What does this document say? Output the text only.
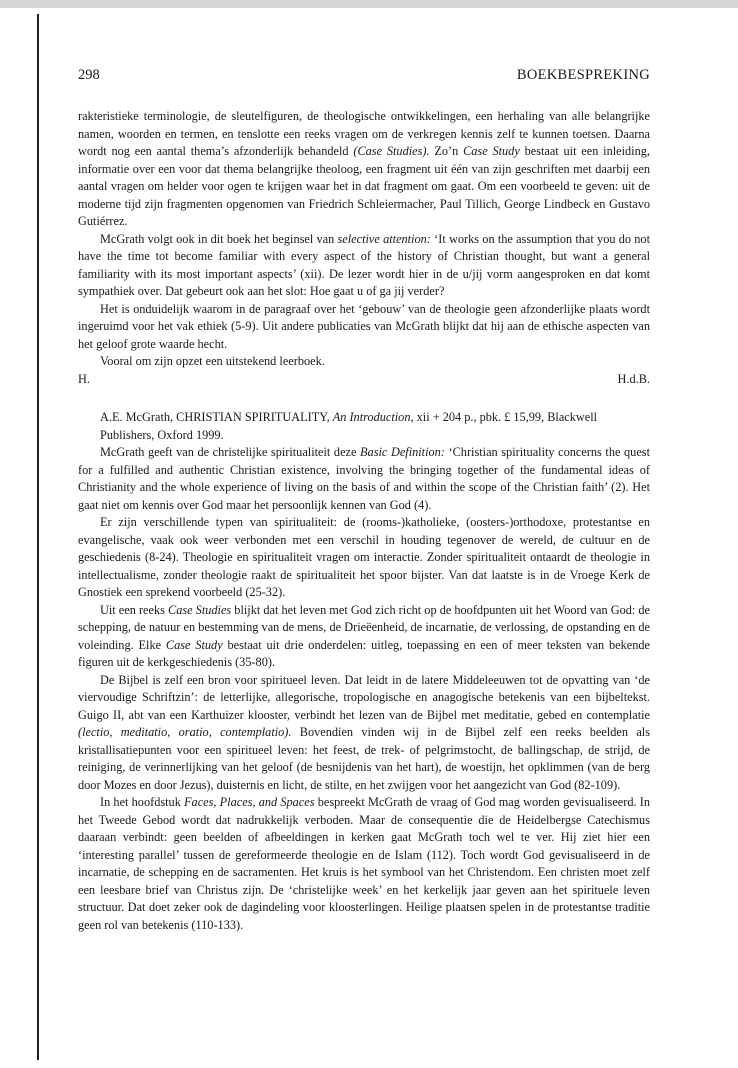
298	BOEKBESPREKING

rakteristieke terminologie, de sleutelfiguren, de theologische ontwikkelingen, een herhaling van alle belangrijke namen, woorden en termen, en tenslotte een reeks vragen om de verkregen kennis zelf te kunnen toetsen. Daarna wordt nog een aantal thema’s afzonderlijk behandeld (Case Studies). Zo’n Case Study bestaat uit een inleiding, informatie over een voor dat thema belangrijke theoloog, een fragment uit één van zijn geschriften met daarbij een aantal vragen om helder voor ogen te krijgen waar het in dat fragment om gaat. Om een voorbeeld te geven: uit de moderne tijd zijn fragmenten opgenomen van Friedrich Schleiermacher, Paul Tillich, George Lindbeck en Gustavo Gutiérrez.

McGrath volgt ook in dit boek het beginsel van selective attention: ‘It works on the assumption that you do not have the time tot become familiar with every aspect of the history of Christian thought, but want a general familiarity with its most important aspects’ (xii). De lezer wordt hier in de u/jij vorm aangesproken en dat komt sympathiek over. Dat gebeurt ook aan het slot: Hoe gaat u of ga jij verder?

Het is onduidelijk waarom in de paragraaf over het ‘gebouw’ van de theologie geen afzonderlijke plaats wordt ingeruimd voor het vak ethiek (5-9). Uit andere publicaties van McGrath blijkt dat hij aan de ethische aspecten van het geloof grote waarde hecht.

Vooral om zijn opzet een uitstekend leerboek.

H.	H.d.B.

A.E. McGrath, CHRISTIAN SPIRITUALITY, An Introduction, xii + 204 p., pbk. £ 15,99, Blackwell Publishers, Oxford 1999.

McGrath geeft van de christelijke spiritualiteit deze Basic Definition: ‘Christian spirituality concerns the quest for a fulfilled and authentic Christian existence, involving the bringing together of the fundamental ideas of Christianity and the whole experience of living on the basis of and within the scope of the Christian faith’ (2). Het gaat niet om kennis over God maar het persoonlijk kennen van God (4).

Er zijn verschillende typen van spiritualiteit: de (rooms-)katholieke, (oosters-)orthodoxe, protestantse en evangelische, vaak ook weer verbonden met een verschil in houding tegenover de wereld, de cultuur en de geschiedenis (8-24). Theologie en spiritualiteit vragen om interactie. Zonder spiritualiteit ontaardt de theologie in intellectualisme, zonder theologie raakt de spiritualiteit het spoor bijster. Van dat laatste is in de Vroege Kerk de Gnostiek een sprekend voorbeeld (25-32).

Uit een reeks Case Studies blijkt dat het leven met God zich richt op de hoofdpunten uit het Woord van God: de schepping, de natuur en bestemming van de mens, de Drieëenheid, de incarnatie, de verlossing, de opstanding en de voleinding. Elke Case Study bestaat uit drie onderdelen: uitleg, toepassing en een of meer teksten van bekende figuren uit de kerkgeschiedenis (35-80).

De Bijbel is zelf een bron voor spiritueel leven. Dat leidt in de latere Middeleeuwen tot de opvatting van ‘de viervoudige Schriftzin’: de letterlijke, allegorische, tropologische en anagogische betekenis van een bijbeltekst. Guigo II, abt van een Karthuizer klooster, verbindt het lezen van de Bijbel met meditatie, gebed en contemplatie (lectio, meditatio, oratio, contemplatio). Bovendien vinden wij in de Bijbel zelf een reeks beelden als kristallisatiepunten voor een spiritueel leven: het feest, de trek- of pelgrimstocht, de ballingschap, de strijd, de reiniging, de verinnerlijking van het geloof (de besnijdenis van het hart), de woestijn, het opklimmen (van de berg door Mozes en door Jezus), duisternis en licht, de stilte, en het zwijgen voor het aangezicht van God (82-109).

In het hoofdstuk Faces, Places, and Spaces bespreekt McGrath de vraag of God mag worden gevisualiseerd. In het Tweede Gebod wordt dat nadrukkelijk verboden. Maar de consequentie die de Heidelbergse Catechismus daaraan verbindt: geen beelden of afbeeldingen in kerken gaat McGrath toch wel te ver. Hij ziet hier een ‘interesting parallel’ tussen de gereformeerde theologie en de Islam (112). Toch wordt God gevisualiseerd in de incarnatie, de schepping en de sacramenten. Het kruis is het symbool van het Christendom. Een christen moet zelf een leesbare brief van Christus zijn. De ‘christelijke week’ en het kerkelijk jaar geven aan het spirituele leven structuur. Dat doet zeker ook de dagindeling voor kloosterlingen. Heilige plaatsen spelen in de protestantse traditie geen rol van betekenis (110-133).
